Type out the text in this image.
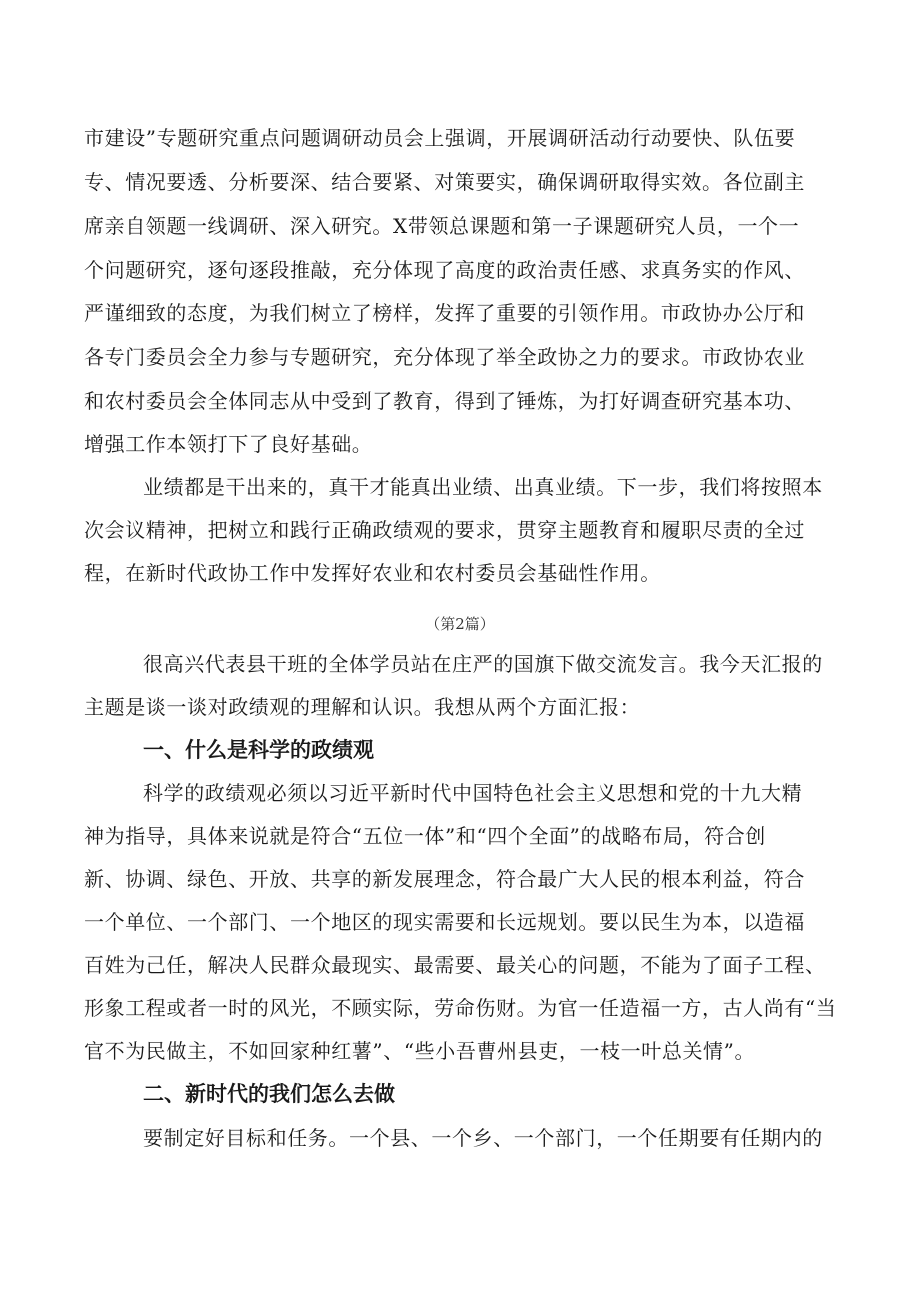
市建设”专题研究重点问题调研动员会上强调，开展调研活动行动要快、队伍要
专、情况要透、分析要深、结合要紧、对策要实，确保调研取得实效。各位副主
席亲自领题一线调研、深入研究。X带领总课题和第一子课题研究人员，一个一
个问题研究，逐句逐段推敲，充分体现了高度的政治责任感、求真务实的作风、
严谨细致的态度，为我们树立了榜样，发挥了重要的引领作用。市政协办公厅和
各专门委员会全力参与专题研究，充分体现了举全政协之力的要求。市政协农业
和农村委员会全体同志从中受到了教育，得到了锤炼，为打好调查研究基本功、
增强工作本领打下了良好基础。
业绩都是干出来的，真干才能真出业绩、出真业绩。下一步，我们将按照本
次会议精神，把树立和践行正确政绩观的要求，贯穿主题教育和履职尽责的全过
程，在新时代政协工作中发挥好农业和农村委员会基础性作用。
（第2篇）
很高兴代表县干班的全体学员站在庄严的国旗下做交流发言。我今天汇报的
主题是谈一谈对政绩观的理解和认识。我想从两个方面汇报：
一、什么是科学的政绩观
科学的政绩观必须以习近平新时代中国特色社会主义思想和党的十九大精
神为指导，具体来说就是符合“五位一体”和“四个全面”的战略布局，符合创
新、协调、绿色、开放、共享的新发展理念，符合最广大人民的根本利益，符合
一个单位、一个部门、一个地区的现实需要和长远规划。要以民生为本，以造福
百姓为己任，解决人民群众最现实、最需要、最关心的问题，不能为了面子工程、
形象工程或者一时的风光，不顾实际，劳命伤财。为官一任造福一方，古人尚有“当
官不为民做主，不如回家种红薯”、“些小吾曹州县吏，一枝一叶总关情”。
二、新时代的我们怎么去做
要制定好目标和任务。一个县、一个乡、一个部门，一个任期要有任期内的
